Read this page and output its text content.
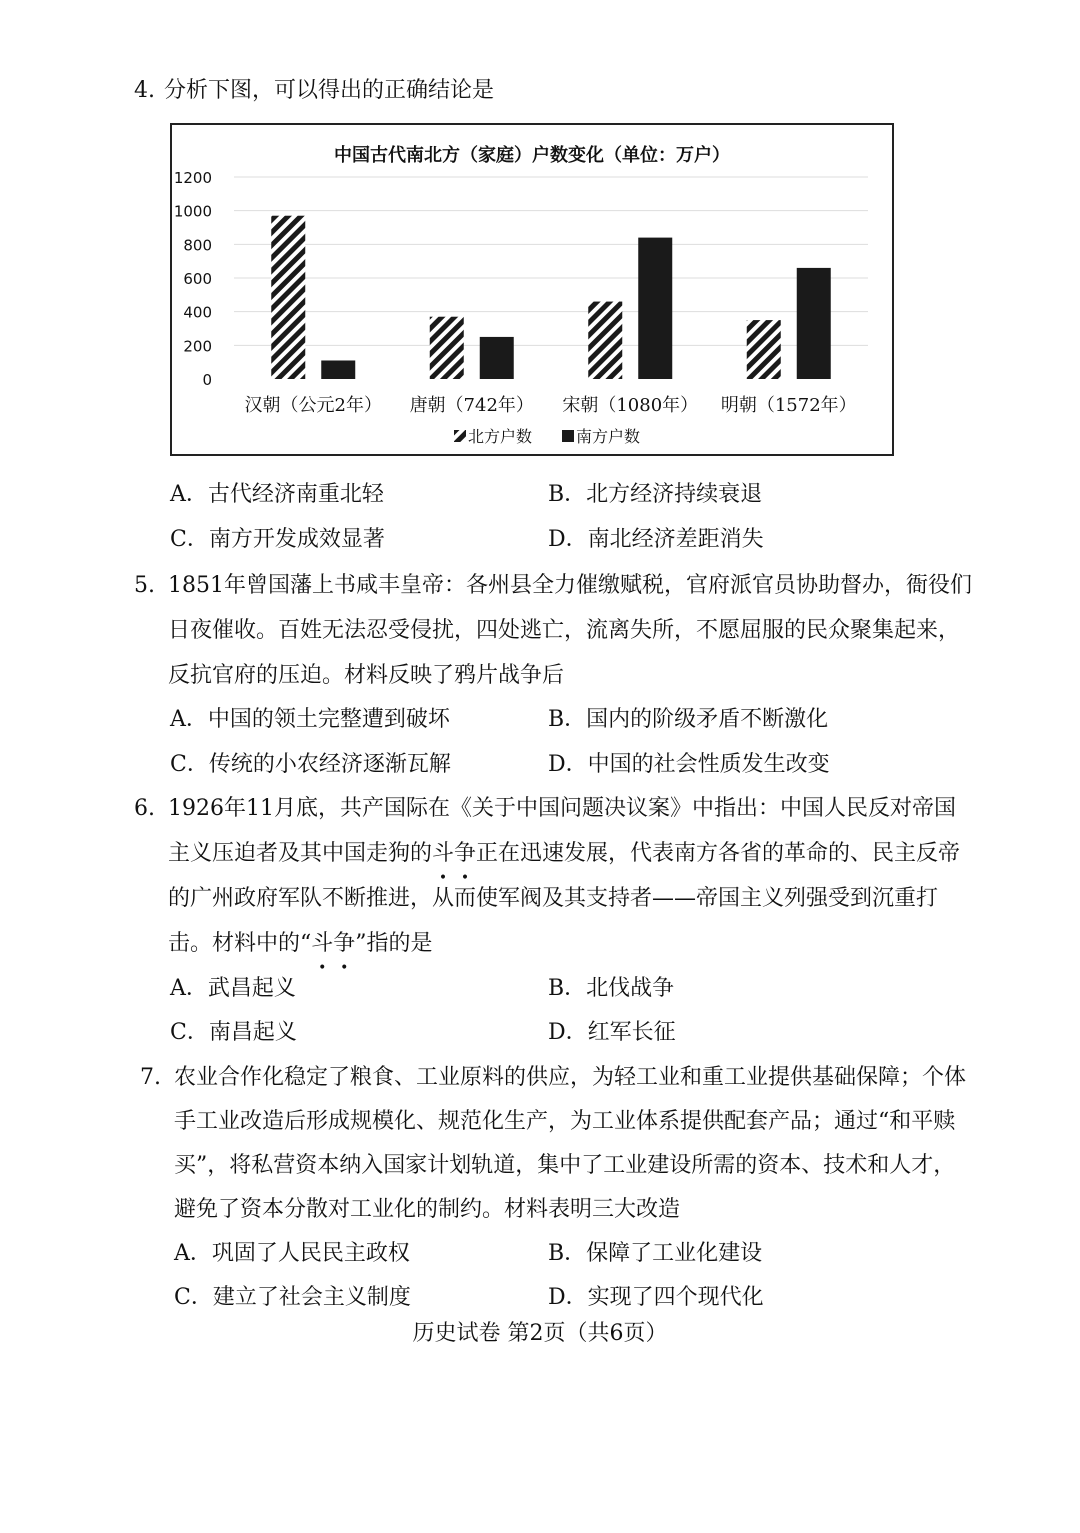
4. 分析下图，可以得出的正确结论是
中国古代南北方（家庭）户数变化（单位：万户）
0
200
400
600
800
1000
1200
汉朝（公元2年） 唐朝（742年） 宋朝（1080年） 明朝（1572年）
北方户数	南方户数
A．古代经济南重北轻	B．北方经济持续衰退
C．南方开发成效显著	D．南北经济差距消失
5. 1851年曾国藩上书咸丰皇帝：各州县全力催缴赋税，官府派官员协助督办，衙役们
日夜催收。百姓无法忍受侵扰，四处逃亡，流离失所，不愿屈服的民众聚集起来，
反抗官府的压迫。材料反映了鸦片战争后
A．中国的领土完整遭到破坏	B．国内的阶级矛盾不断激化
C．传统的小农经济逐渐瓦解	D．中国的社会性质发生改变
6. 1926年11月底，共产国际在《关于中国问题决议案》中指出：中国人民反对帝国
主义压迫者及其中国走狗的斗争正在迅速发展，代表南方各省的革命的、民主反帝
的广州政府军队不断推进，从而使军阀及其支持者——帝国主义列强受到沉重打
击。材料中的“斗争”指的是
A．武昌起义	B．北伐战争
C．南昌起义	D．红军长征
7. 农业合作化稳定了粮食、工业原料的供应，为轻工业和重工业提供基础保障；个体
手工业改造后形成规模化、规范化生产，为工业体系提供配套产品；通过“和平赎
买”，将私营资本纳入国家计划轨道，集中了工业建设所需的资本、技术和人才，
避免了资本分散对工业化的制约。材料表明三大改造
A．巩固了人民民主政权	B．保障了工业化建设
C．建立了社会主义制度	D．实现了四个现代化
历史试卷 第2页（共6页）
